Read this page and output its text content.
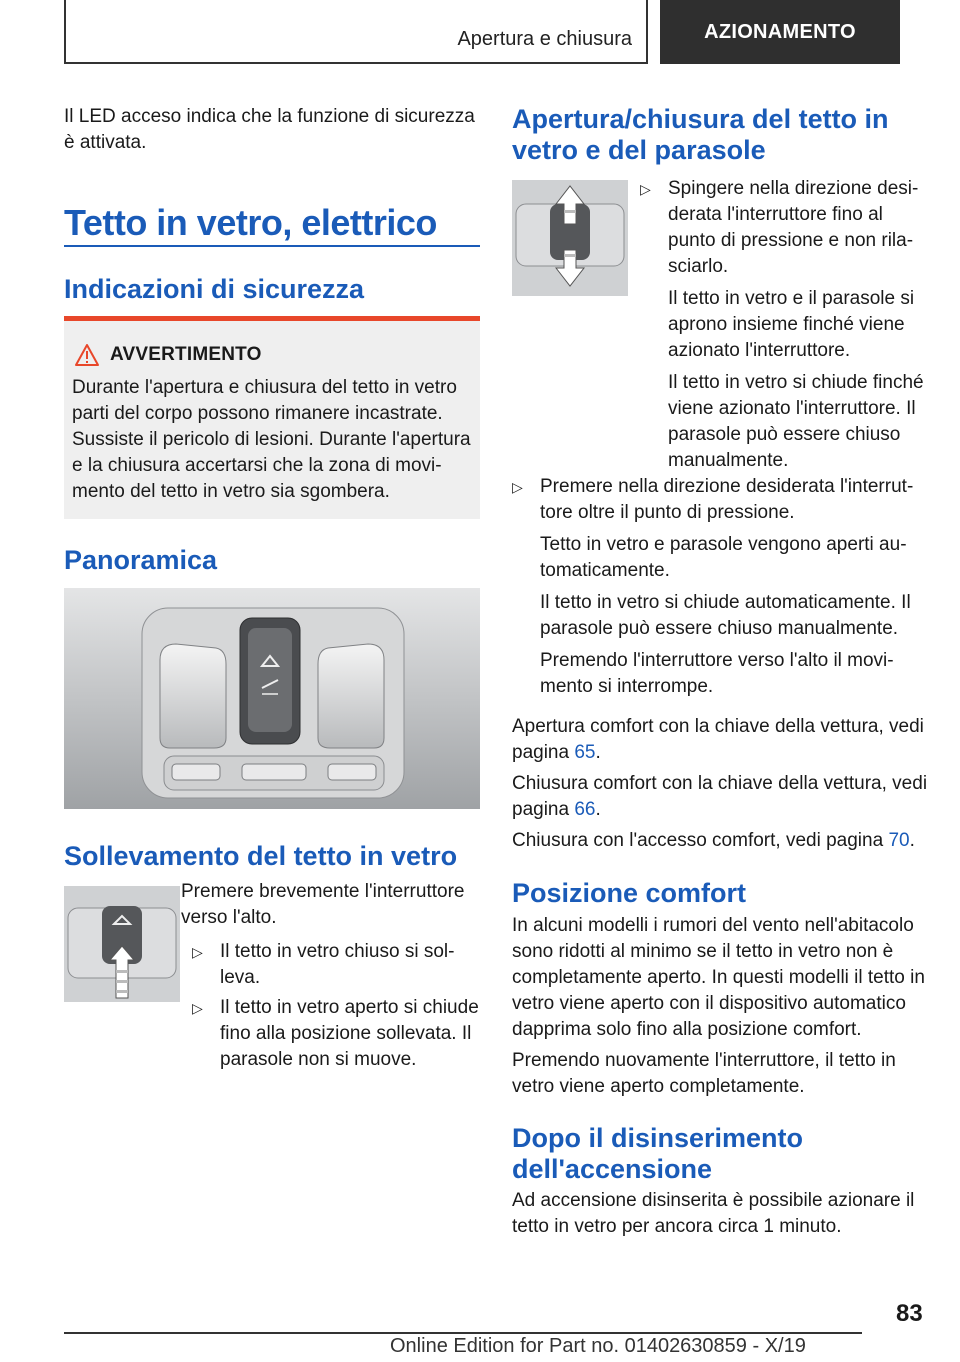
Apertura e chiusura	AZIONAMENTO
Il LED acceso indica che la funzione di sicurezza è attivata.
Tetto in vetro, elettrico
Indicazioni di sicurezza
AVVERTIMENTO
Durante l'apertura e chiusura del tetto in vetro parti del corpo possono rimanere incastrate. Sussiste il pericolo di lesioni. Durante l'apertura e la chiusura accertarsi che la zona di movimento del tetto in vetro sia sgombera.
Panoramica
Sollevamento del tetto in vetro
Premere brevemente l'interruttore verso l'alto.
▷ Il tetto in vetro chiuso si solleva.
▷ Il tetto in vetro aperto si chiude fino alla posizione sollevata. Il parasole non si muove.
Apertura/chiusura del tetto in vetro e del parasole
▷ Spingere nella direzione desiderata l'interruttore fino al punto di pressione e non rilasciarlo.

Il tetto in vetro e il parasole si aprono insieme finché viene azionato l'interruttore.

Il tetto in vetro si chiude finché viene azionato l'interruttore. Il parasole può essere chiuso manualmente.

▷ Premere nella direzione desiderata l'interruttore oltre il punto di pressione.

Tetto in vetro e parasole vengono aperti automaticamente.

Il tetto in vetro si chiude automaticamente. Il parasole può essere chiuso manualmente.

Premendo l'interruttore verso l'alto il movimento si interrompe.

Apertura comfort con la chiave della vettura, vedi pagina 65.
Chiusura comfort con la chiave della vettura, vedi pagina 66.
Chiusura con l'accesso comfort, vedi pagina 70.
Posizione comfort
In alcuni modelli i rumori del vento nell'abitacolo sono ridotti al minimo se il tetto in vetro non è completamente aperto. In questi modelli il tetto in vetro viene aperto con il dispositivo automatico dapprima solo fino alla posizione comfort.
Premendo nuovamente l'interruttore, il tetto in vetro viene aperto completamente.
Dopo il disinserimento dell'accensione
Ad accensione disinserita è possibile azionare il tetto in vetro per ancora circa 1 minuto.
83
Online Edition for Part no. 01402630859 - X/19
